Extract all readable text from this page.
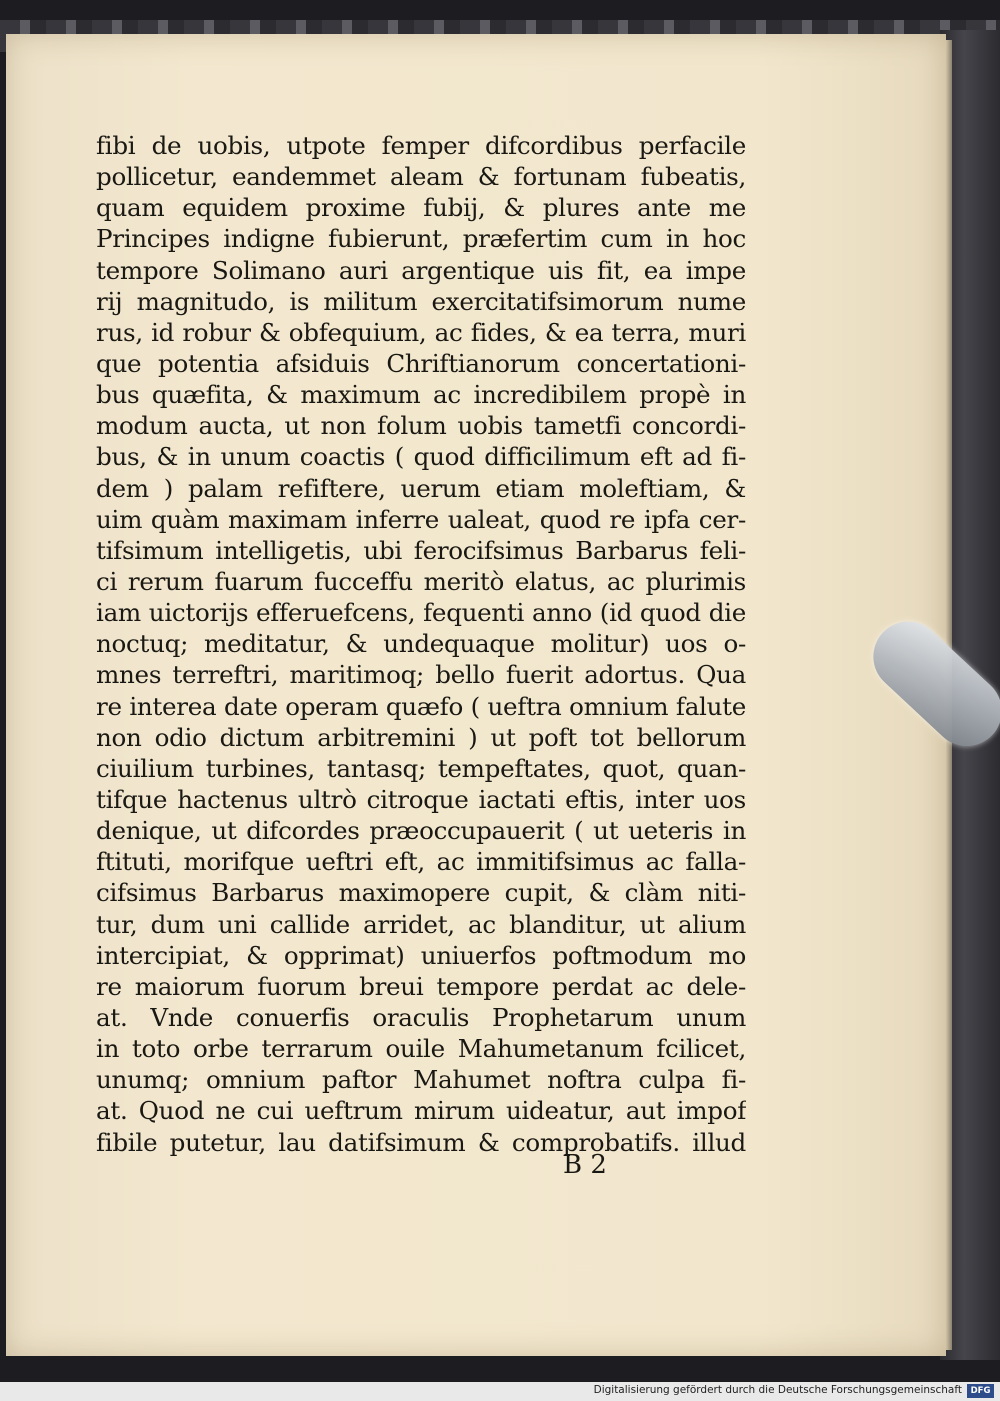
fibi de uobis, utpote femper difcordibus perfacile
pollicetur, eandemmet aleam & fortunam fubeatis,
quam equidem proxime fubij, & plures ante me
Principes indigne fubierunt, præfertim cum in hoc
tempore Solimano auri argentique uis fit, ea impe
rij magnitudo, is militum exercitatifsimorum nume
rus, id robur & obfequium, ac fides, & ea terra, muri
que potentia afsiduis Chriftianorum concertationi-
bus quæfita, & maximum ac incredibilem propè in
modum aucta, ut non folum uobis tametfi concordi-
bus, & in unum coactis ( quod difficilimum eft ad fi-
dem ) palam refiftere, uerum etiam moleftiam, &
uim quàm maximam inferre ualeat, quod re ipfa cer-
tifsimum intelligetis, ubi ferocifsimus Barbarus feli-
ci rerum fuarum fucceffu meritò elatus, ac plurimis
iam uictorijs efferuefcens, fequenti anno (id quod die
noctuq; meditatur, & undequaque molitur) uos o-
mnes terreftri, maritimoq; bello fuerit adortus. Qua
re interea date operam quæfo ( ueftra omnium falute
non odio dictum arbitremini ) ut poft tot bellorum
ciuilium turbines, tantasq; tempeftates, quot, quan-
tifque hactenus ultrò citroque iactati eftis, inter uos
denique, ut difcordes præoccupauerit ( ut ueteris in
ftituti, morifque ueftri eft, ac immitifsimus ac falla-
cifsimus Barbarus maximopere cupit, & clàm niti-
tur, dum uni callide arridet, ac blanditur, ut alium
intercipiat, & opprimat) uniuerfos poftmodum mo
re maiorum fuorum breui tempore perdat ac dele-
at. Vnde conuerfis oraculis Prophetarum unum
in toto orbe terrarum ouile Mahumetanum fcilicet,
unumq; omnium paftor Mahumet noftra culpa fi-
at. Quod ne cui ueftrum mirum uideatur, aut impof
fibile putetur, lau datifsimum & comprobatifs. illud
B 2
Digitalisierung gefördert durch die Deutsche Forschungsgemeinschaft	DFG
